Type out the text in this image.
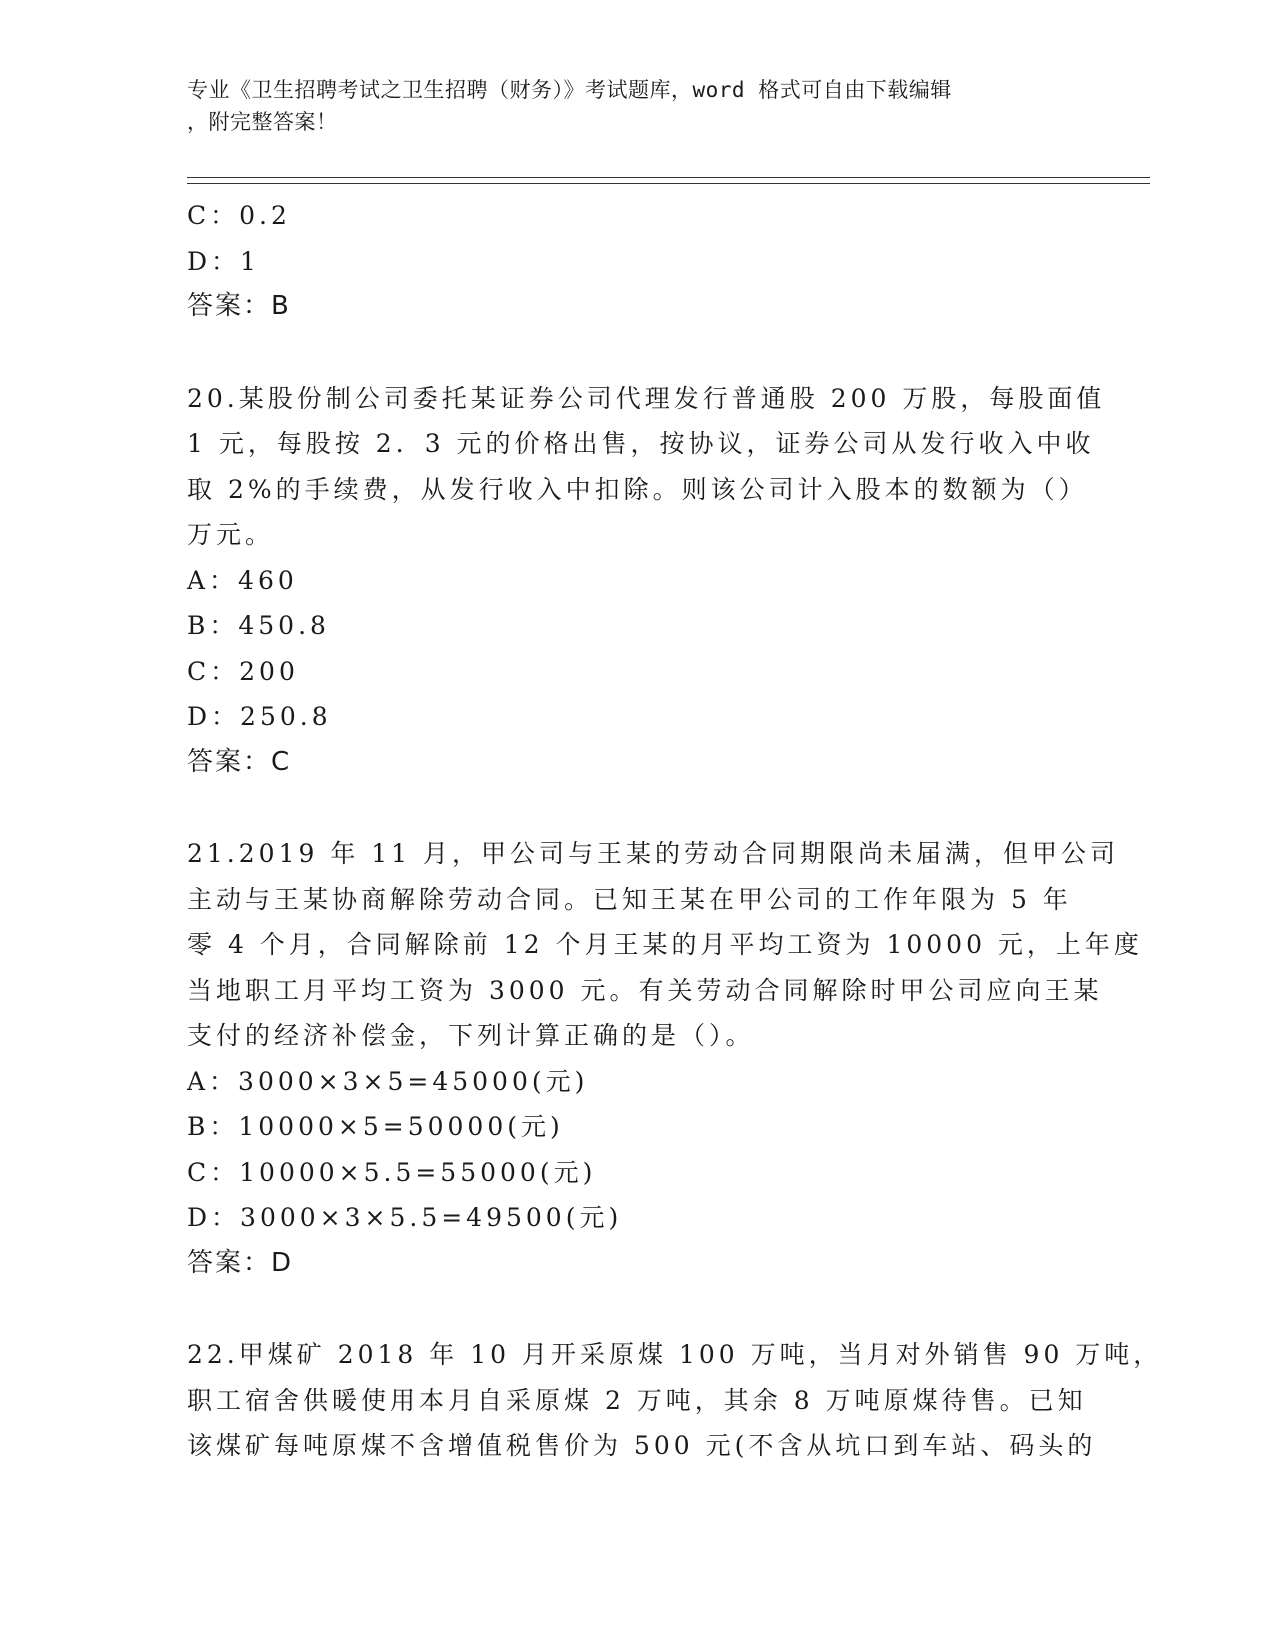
专业《卫生招聘考试之卫生招聘（财务）》考试题库，word 格式可自由下载编辑
，附完整答案！
C：0.2
D：1
答案：B
20.某股份制公司委托某证券公司代理发行普通股 200 万股，每股面值
1 元，每股按 2．3 元的价格出售，按协议，证券公司从发行收入中收
取 2%的手续费，从发行收入中扣除。则该公司计入股本的数额为（）
万元。
A：460
B：450.8
C：200
D：250.8
答案：C
21.2019 年 11 月，甲公司与王某的劳动合同期限尚未届满，但甲公司
主动与王某协商解除劳动合同。已知王某在甲公司的工作年限为 5 年
零 4 个月，合同解除前 12 个月王某的月平均工资为 10000 元，上年度
当地职工月平均工资为 3000 元。有关劳动合同解除时甲公司应向王某
支付的经济补偿金，下列计算正确的是（）。
A：3000×3×5=45000(元)
B：10000×5=50000(元)
C：10000×5.5=55000(元)
D：3000×3×5.5=49500(元)
答案：D
22.甲煤矿 2018 年 10 月开采原煤 100 万吨，当月对外销售 90 万吨，
职工宿舍供暖使用本月自采原煤 2 万吨，其余 8 万吨原煤待售。已知
该煤矿每吨原煤不含增值税售价为 500 元(不含从坑口到车站、码头的
